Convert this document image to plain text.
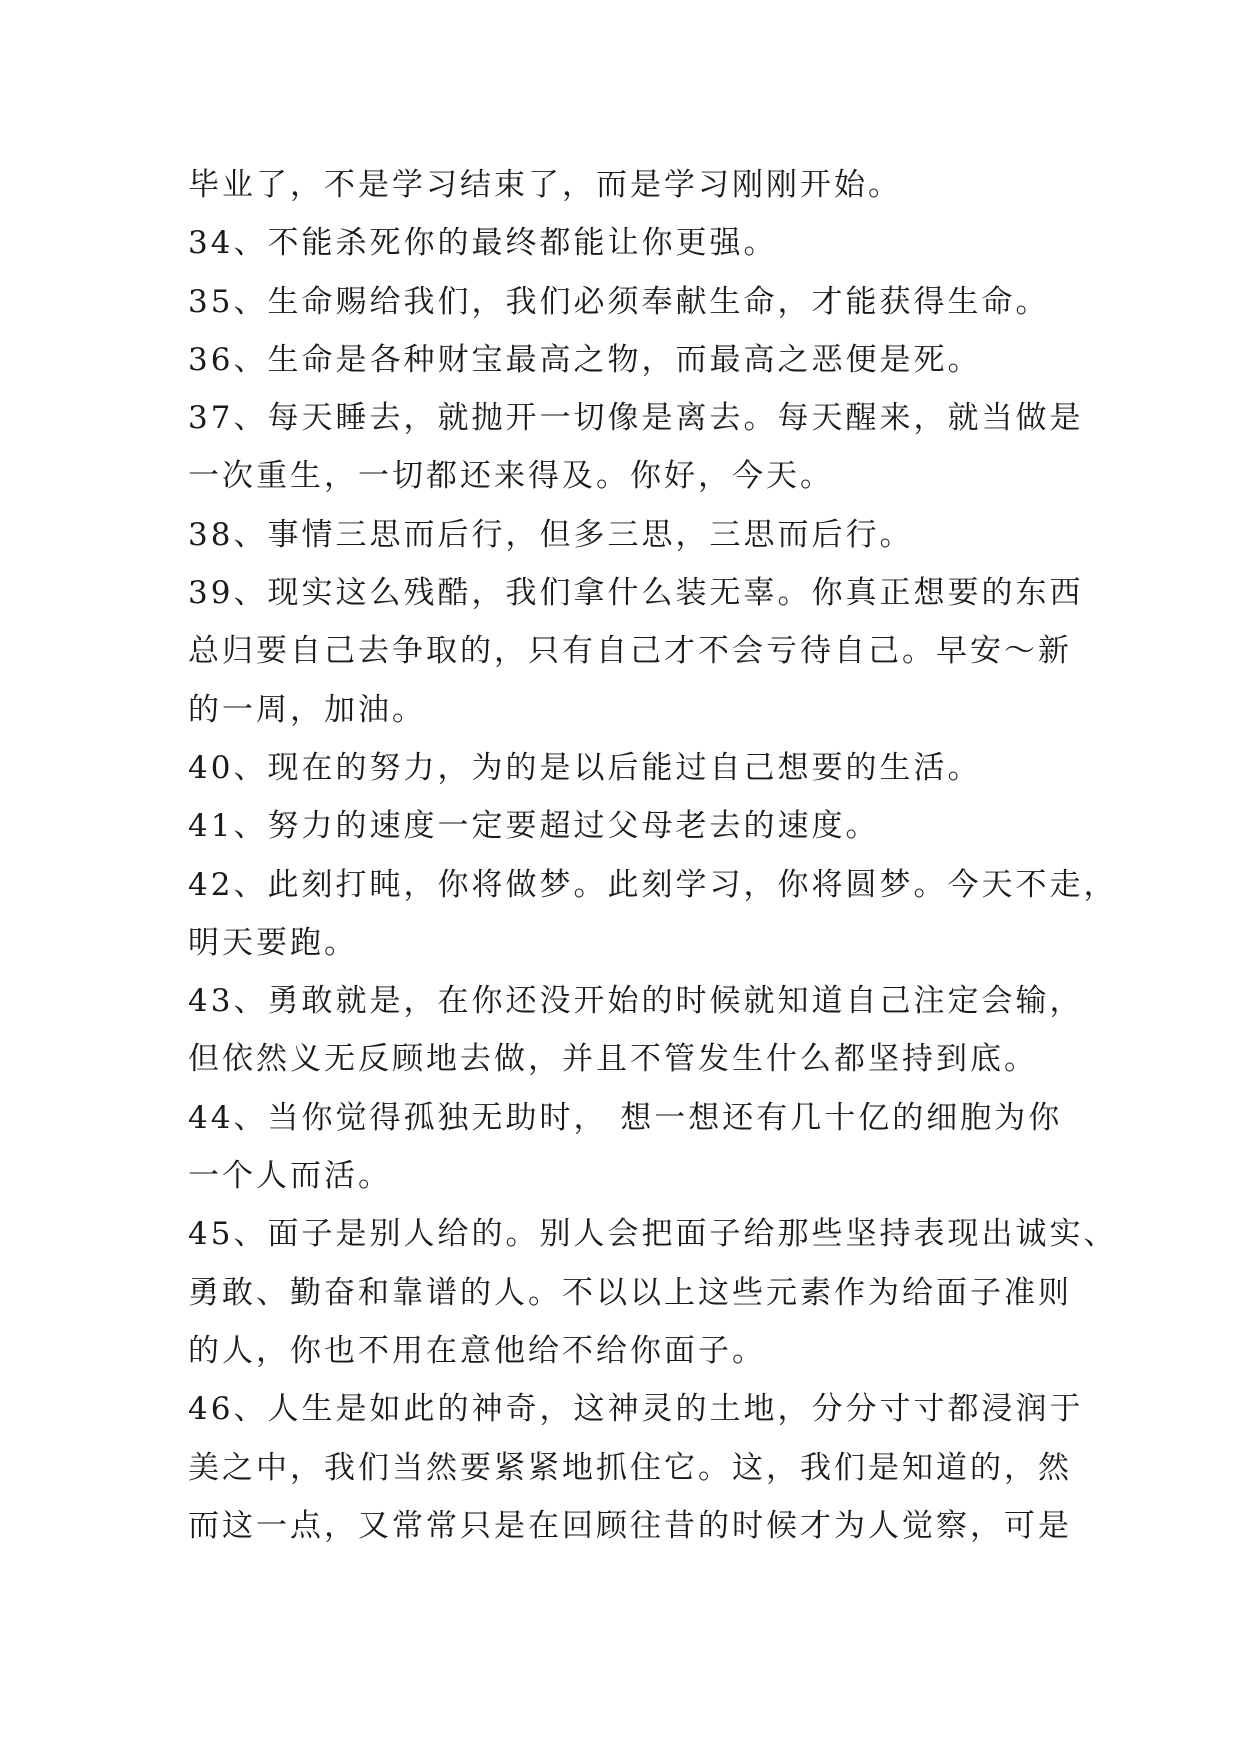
毕业了，不是学习结束了，而是学习刚刚开始。
34、不能杀死你的最终都能让你更强。
35、生命赐给我们，我们必须奉献生命，才能获得生命。
36、生命是各种财宝最高之物，而最高之恶便是死。
37、每天睡去，就抛开一切像是离去。每天醒来，就当做是
一次重生，一切都还来得及。你好，今天。
38、事情三思而后行，但多三思，三思而后行。
39、现实这么残酷，我们拿什么装无辜。你真正想要的东西
总归要自己去争取的，只有自己才不会亏待自己。早安～新
的一周，加油。
40、现在的努力，为的是以后能过自己想要的生活。
41、努力的速度一定要超过父母老去的速度。
42、此刻打盹，你将做梦。此刻学习，你将圆梦。今天不走，
明天要跑。
43、勇敢就是，在你还没开始的时候就知道自己注定会输，
但依然义无反顾地去做，并且不管发生什么都坚持到底。
44、当你觉得孤独无助时， 想一想还有几十亿的细胞为你
一个人而活。
45、面子是别人给的。别人会把面子给那些坚持表现出诚实、
勇敢、勤奋和靠谱的人。不以以上这些元素作为给面子准则
的人，你也不用在意他给不给你面子。
46、人生是如此的神奇，这神灵的土地，分分寸寸都浸润于
美之中，我们当然要紧紧地抓住它。这，我们是知道的，然
而这一点，又常常只是在回顾往昔的时候才为人觉察，可是
